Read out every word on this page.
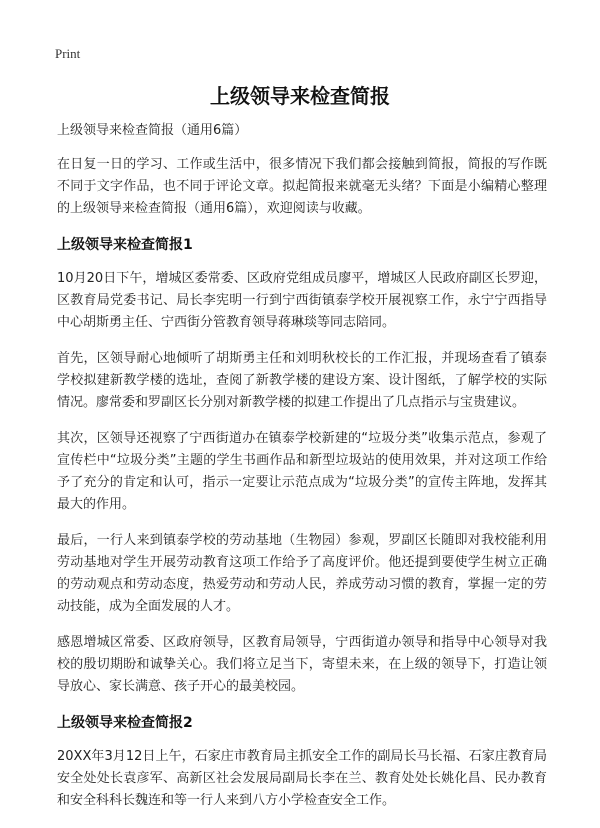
Print
上级领导来检查简报

上级领导来检查简报（通用6篇）

在日复一日的学习、工作或生活中，很多情况下我们都会接触到简报，简报的写作既不同于文字作品，也不同于评论文章。拟起简报来就毫无头绪？下面是小编精心整理的上级领导来检查简报（通用6篇），欢迎阅读与收藏。

上级领导来检查简报1

10月20日下午，增城区委常委、区政府党组成员廖平，增城区人民政府副区长罗迎，区教育局党委书记、局长李宪明一行到宁西街镇泰学校开展视察工作，永宁宁西指导中心胡斯勇主任、宁西街分管教育领导蒋琳琰等同志陪同。

首先，区领导耐心地倾听了胡斯勇主任和刘明秋校长的工作汇报，并现场查看了镇泰学校拟建新教学楼的选址，查阅了新教学楼的建设方案、设计图纸，了解学校的实际情况。廖常委和罗副区长分别对新教学楼的拟建工作提出了几点指示与宝贵建议。

其次，区领导还视察了宁西街道办在镇泰学校新建的“垃圾分类”收集示范点，参观了宣传栏中“垃圾分类”主题的学生书画作品和新型垃圾站的使用效果，并对这项工作给予了充分的肯定和认可，指示一定要让示范点成为“垃圾分类”的宣传主阵地，发挥其最大的作用。

最后，一行人来到镇泰学校的劳动基地（生物园）参观，罗副区长随即对我校能利用劳动基地对学生开展劳动教育这项工作给予了高度评价。他还提到要使学生树立正确的劳动观点和劳动态度，热爱劳动和劳动人民，养成劳动习惯的教育，掌握一定的劳动技能，成为全面发展的人才。

感恩增城区常委、区政府领导，区教育局领导，宁西街道办领导和指导中心领导对我校的殷切期盼和诚挚关心。我们将立足当下，寄望未来，在上级的领导下，打造让领导放心、家长满意、孩子开心的最美校园。

上级领导来检查简报2

20XX年3月12日上午，石家庄市教育局主抓安全工作的副局长马长福、石家庄教育局安全处处长袁彦军、高新区社会发展局副局长李在兰、教育处处长姚化昌、民办教育和安全科科长魏连和等一行人来到八方小学检查安全工作。
